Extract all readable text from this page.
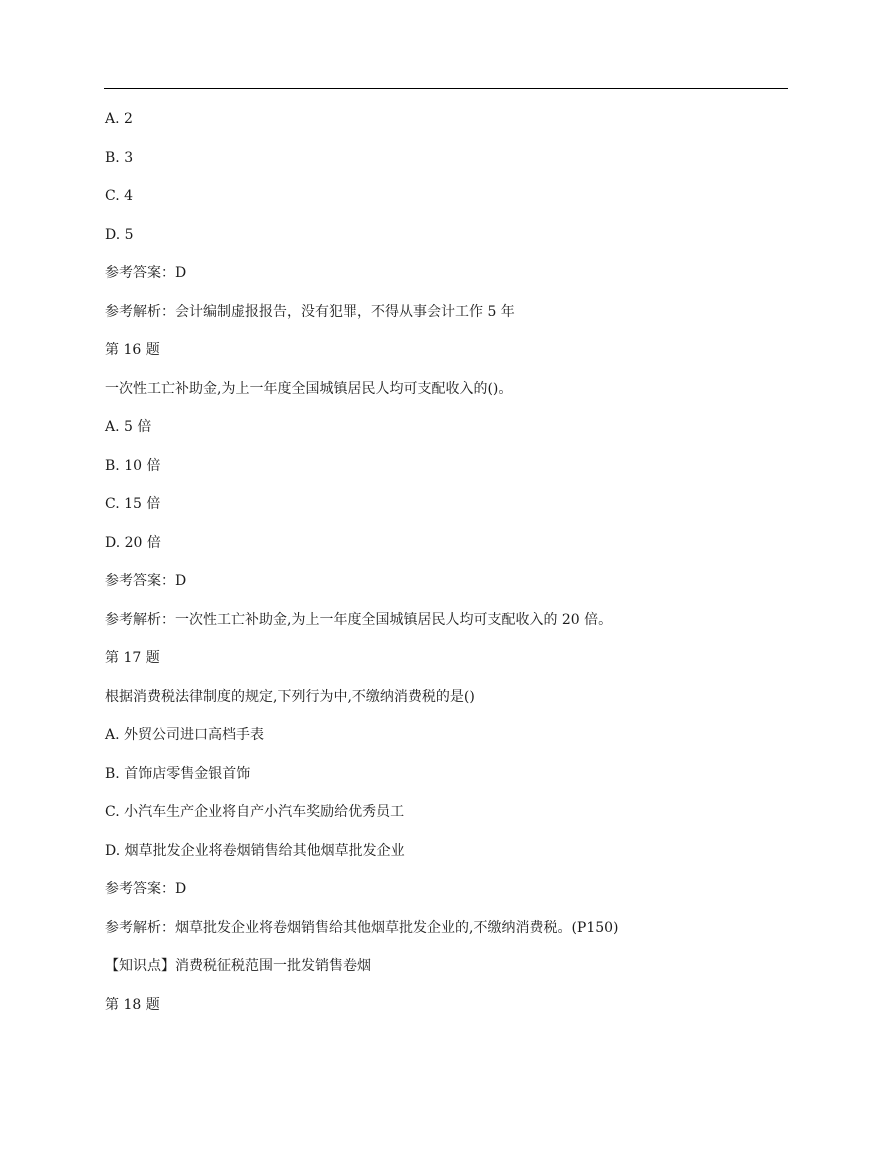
A. 2
B. 3
C. 4
D. 5
参考答案：D
参考解析：会计编制虚报报告，没有犯罪，不得从事会计工作 5 年
第 16 题
一次性工亡补助金,为上一年度全国城镇居民人均可支配收入的()。
A. 5 倍
B. 10 倍
C. 15 倍
D. 20 倍
参考答案：D
参考解析：一次性工亡补助金,为上一年度全国城镇居民人均可支配收入的 20 倍。
第 17 题
根据消费税法律制度的规定,下列行为中,不缴纳消费税的是()
A. 外贸公司进口高档手表
B. 首饰店零售金银首饰
C. 小汽车生产企业将自产小汽车奖励给优秀员工
D. 烟草批发企业将卷烟销售给其他烟草批发企业
参考答案：D
参考解析：烟草批发企业将卷烟销售给其他烟草批发企业的,不缴纳消费税。(P150)
【知识点】消费税征税范围一批发销售卷烟
第 18 题
